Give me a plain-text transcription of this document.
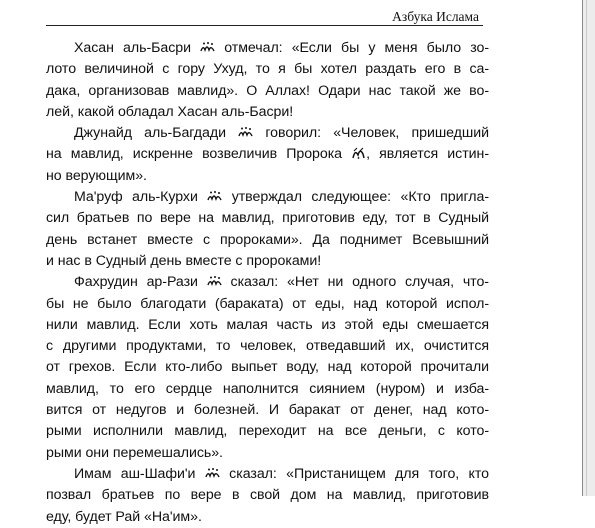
Азбука Ислама
Хасан аль-Басри
отмечал: «Если бы у меня было зо-
лото величиной с гору Ухуд, то я бы хотел раздать его в са-
дака, организовав мавлид». О Аллах! Одари нас такой же во-
лей, какой обладал Хасан аль-Басри!
Джунайд аль-Багдади
говорил: «Человек, пришедший
на мавлид, искренне возвеличив Пророка
, является истин-
но верующим».
Ма'руф аль-Курхи
утверждал следующее: «Кто пригла-
сил братьев по вере на мавлид, приготовив еду, тот в Судный
день встанет вместе с пророками». Да поднимет Всевышний
и нас в Судный день вместе с пророками!
Фахрудин ар-Рази
сказал: «Нет ни одного случая, что-
бы не было благодати (бараката) от еды, над которой испол-
нили мавлид. Если хоть малая часть из этой еды смешается
с другими продуктами, то человек, отведавший их, очистится
от грехов. Если кто-либо выпьет воду, над которой прочитали
мавлид, то его сердце наполнится сиянием (нуром) и изба-
вится от недугов и болезней. И баракат от денег, над кото-
рыми исполнили мавлид, переходит на все деньги, с кото-
рыми они перемешались».
Имам аш-Шафи'и
сказал: «Пристанищем для того, кто
позвал братьев по вере в свой дом на мавлид, приготовив
еду, будет Рай «На'им».
